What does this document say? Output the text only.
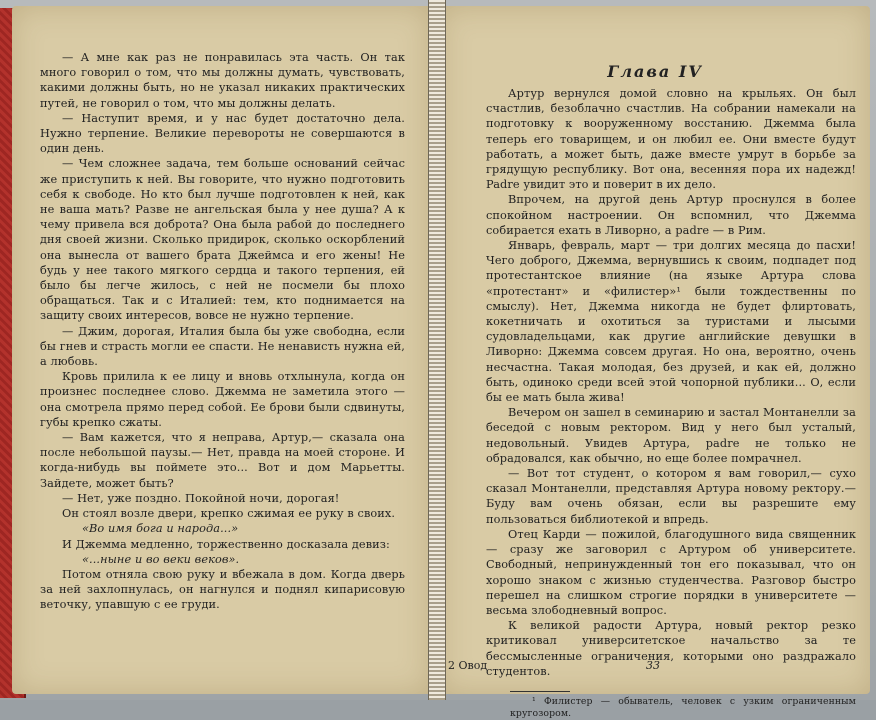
— А мне как раз не понравилась эта часть. Он так много говорил о том, что мы должны думать, чувствовать, какими должны быть, но не указал никаких практических путей, не говорил о том, что мы должны делать.

— Наступит время, и у нас будет достаточно дела. Нужно терпение. Великие перевороты не совершаются в один день.

— Чем сложнее задача, тем больше оснований сейчас же приступить к ней. Вы говорите, что нужно подготовить себя к свободе. Но кто был лучше подготовлен к ней, как не ваша мать? Разве не ангельская была у нее душа? А к чему привела вся доброта? Она была рабой до последнего дня своей жизни. Сколько придирок, сколько оскорблений она вынесла от вашего брата Джеймса и его жены! Не будь у нее такого мягкого сердца и такого терпения, ей было бы легче жилось, с ней не посмели бы плохо обращаться. Так и с Италией: тем, кто поднимается на защиту своих интересов, вовсе не нужно терпение.

— Джим, дорогая, Италия была бы уже свободна, если бы гнев и страсть могли ее спасти. Не ненависть нужна ей, а любовь.

Кровь прилила к ее лицу и вновь отхлынула, когда он произнес последнее слово. Джемма не заметила этого — она смотрела прямо перед собой. Ее брови были сдвинуты, губы крепко сжаты.

— Вам кажется, что я неправа, Артур,— сказала она после небольшой паузы.— Нет, правда на моей стороне. И когда-нибудь вы поймете это... Вот и дом Марьетты. Зайдете, может быть?

— Нет, уже поздно. Покойной ночи, дорогая!

Он стоял возле двери, крепко сжимая ее руку в своих.

«Во имя бога и народа...»

И Джемма медленно, торжественно досказала девиз:

«...ныне и во веки веков».

Потом отняла свою руку и вбежала в дом. Когда дверь за ней захлопнулась, он нагнулся и поднял кипарисовую веточку, упавшую с ее груди.

Глава IV

Артур вернулся домой словно на крыльях. Он был счастлив, безоблачно счастлив. На собрании намекали на подготовку к вооруженному восстанию. Джемма была теперь его товарищем, и он любил ее. Они вместе будут работать, а может быть, даже вместе умрут в борьбе за грядущую республику. Вот она, весенняя пора их надежд! Padre увидит это и поверит в их дело.

Впрочем, на другой день Артур проснулся в более спокойном настроении. Он вспомнил, что Джемма собирается ехать в Ливорно, а padre — в Рим.

Январь, февраль, март — три долгих месяца до пасхи! Чего доброго, Джемма, вернувшись к своим, подпадет под протестантское влияние (на языке Артура слова «протестант» и «филистер»¹ были тождественны по смыслу). Нет, Джемма никогда не будет флиртовать, кокетничать и охотиться за туристами и лысыми судовладельцами, как другие английские девушки в Ливорно: Джемма совсем другая. Но она, вероятно, очень несчастна. Такая молодая, без друзей, и как ей, должно быть, одиноко среди всей этой чопорной публики... О, если бы ее мать была жива!

Вечером он зашел в семинарию и застал Монтанелли за беседой с новым ректором. Вид у него был усталый, недовольный. Увидев Артура, padre не только не обрадовался, как обычно, но еще более помрачнел.

— Вот тот студент, о котором я вам говорил,— сухо сказал Монтанелли, представляя Артура новому ректору.— Буду вам очень обязан, если вы разрешите ему пользоваться библиотекой и впредь.

Отец Карди — пожилой, благодушного вида священник — сразу же заговорил с Артуром об университете. Свободный, непринужденный тон его показывал, что он хорошо знаком с жизнью студенчества. Разговор быстро перешел на слишком строгие порядки в университете — весьма злободневный вопрос.

К великой радости Артура, новый ректор резко критиковал университетское начальство за те бессмысленные ограничения, которыми оно раздражало студентов.

¹ Филистер — обыватель, человек с узким ограниченным кругозором.

2 Овод	33
